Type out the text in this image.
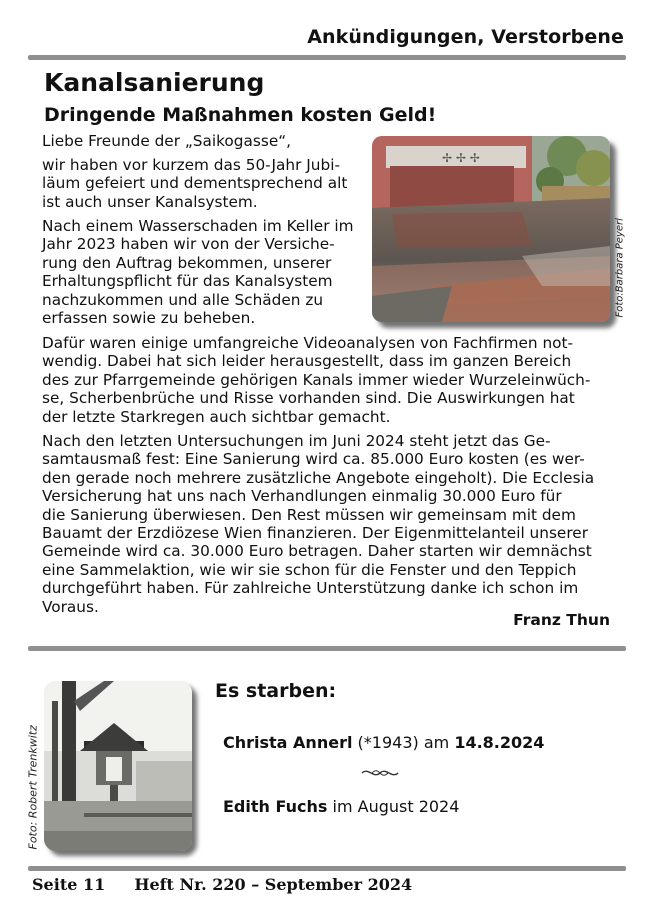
Ankündigungen, Verstorbene
Kanalsanierung
Dringende Maßnahmen kosten Geld!
✢ ✢ ✢
Foto:Barbara Peyerl
Liebe Freunde der „Saikogasse“,
wir haben vor kurzem das 50-Jahr Jubi-
läum gefeiert und dementsprechend alt
ist auch unser Kanalsystem.
Nach einem Wasserschaden im Keller im
Jahr 2023 haben wir von der Versiche-
rung den Auftrag bekommen, unserer
Erhaltungspflicht für das Kanalsystem
nachzukommen und alle Schäden zu
erfassen sowie zu beheben.
Dafür waren einige umfangreiche Videoanalysen von Fachfirmen not-
wendig. Dabei hat sich leider herausgestellt, dass im ganzen Bereich
des zur Pfarrgemeinde gehörigen Kanals immer wieder Wurzeleinwüch-
se, Scherbenbrüche und Risse vorhanden sind. Die Auswirkungen hat
der letzte Starkregen auch sichtbar gemacht.
Nach den letzten Untersuchungen im Juni 2024 steht jetzt das Ge-
samtausmaß fest: Eine Sanierung wird ca. 85.000 Euro kosten (es wer-
den gerade noch mehrere zusätzliche Angebote eingeholt). Die Ecclesia
Versicherung hat uns nach Verhandlungen einmalig 30.000 Euro für
die Sanierung überwiesen. Den Rest müssen wir gemeinsam mit dem
Bauamt der Erzdiözese Wien finanzieren. Der Eigenmittelanteil unserer
Gemeinde wird ca. 30.000 Euro betragen. Daher starten wir demnächst
eine Sammelaktion, wie wir sie schon für die Fenster und den Teppich
durchgeführt haben. Für zahlreiche Unterstützung danke ich schon im
Voraus.
Franz Thun
Foto: Robert Trenkwitz
Es starben:
Christa Annerl (*1943) am 14.8.2024
Edith Fuchs im August 2024
Seite 11 Heft Nr. 220 – September 2024
